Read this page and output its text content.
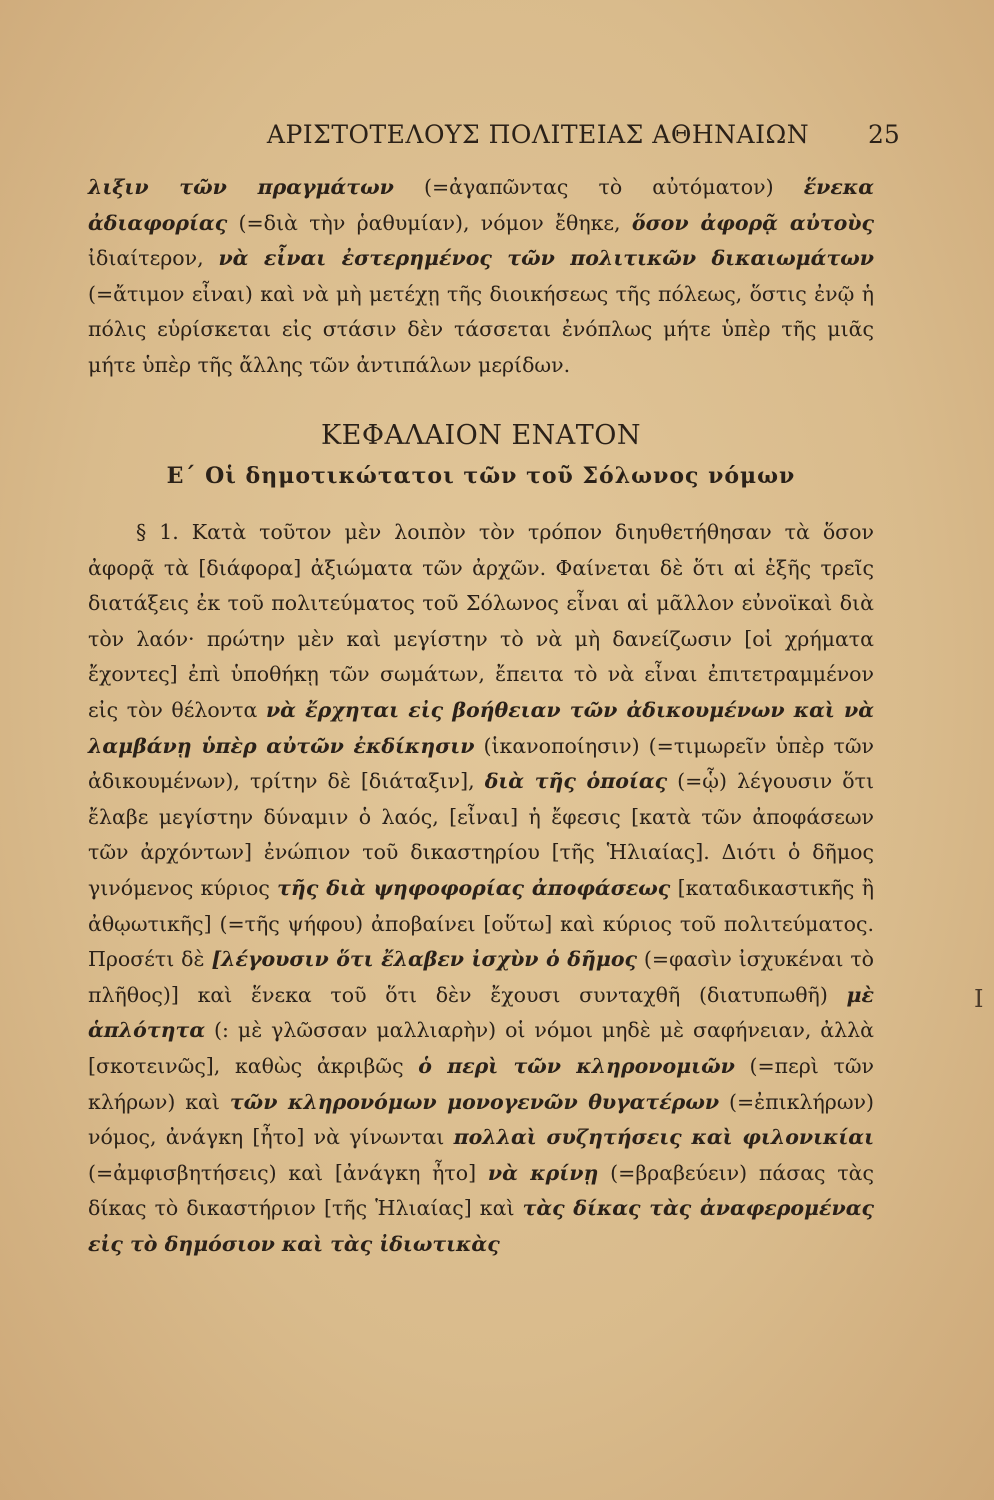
ΑΡΙΣΤΟΤΕΛΟΥΣ ΠΟΛΙΤΕΙΑΣ ΑΘΗΝΑΙΩΝ	25

λιξιν τῶν πραγμάτων (=ἀγαπῶντας τὸ αὐτόματον) ἕνεκα ἀδιαφορίας (=διὰ τὴν ῥαθυμίαν), νόμον ἔθηκε, ὅσον ἀφορᾷ αὐτοὺς ἰδιαίτερον, νὰ εἶναι ἐστερημένος τῶν πολιτικῶν δικαιωμάτων (=ἄτιμον εἶναι) καὶ νὰ μὴ μετέχῃ τῆς διοικήσεως τῆς πόλεως, ὅστις ἐνῷ ἡ πόλις εὑρίσκεται εἰς στάσιν δὲν τάσσεται ἐνόπλως μήτε ὑπὲρ τῆς μιᾶς μήτε ὑπὲρ τῆς ἄλλης τῶν ἀντιπάλων μερίδων.

ΚΕΦΑΛΑΙΟΝ ΕΝΑΤΟΝ
Ε΄ Οἱ δημοτικώτατοι τῶν τοῦ Σόλωνος νόμων

§ 1. Κατὰ τοῦτον μὲν λοιπὸν τὸν τρόπον διηυθετήθησαν τὰ ὅσον ἀφορᾷ τὰ [διάφορα] ἀξιώματα τῶν ἀρχῶν. Φαίνεται δὲ ὅτι αἱ ἑξῆς τρεῖς διατάξεις ἐκ τοῦ πολιτεύματος τοῦ Σόλωνος εἶναι αἱ μᾶλλον εὐνοϊκαὶ διὰ τὸν λαόν· πρώτην μὲν καὶ μεγίστην τὸ νὰ μὴ δανείζωσιν [οἱ χρήματα ἔχοντες] ἐπὶ ὑποθήκῃ τῶν σωμάτων, ἔπειτα τὸ νὰ εἶναι ἐπιτετραμμένον εἰς τὸν θέλοντα νὰ ἔρχηται εἰς βοήθειαν τῶν ἀδικουμένων καὶ νὰ λαμβάνῃ ὑπὲρ αὐτῶν ἐκδίκησιν (ἱκανοποίησιν) (=τιμωρεῖν ὑπὲρ τῶν ἀδικουμένων), τρίτην δὲ [διάταξιν], διὰ τῆς ὁποίας (=ᾧ) λέγουσιν ὅτι ἔλαβε μεγίστην δύναμιν ὁ λαός, [εἶναι] ἡ ἔφεσις [κατὰ τῶν ἀποφάσεων τῶν ἀρχόντων] ἐνώπιον τοῦ δικαστηρίου [τῆς Ἡλιαίας]. Διότι ὁ δῆμος γινόμενος κύριος τῆς διὰ ψηφοφορίας ἀποφάσεως [καταδικαστικῆς ἢ ἀθῳωτικῆς] (=τῆς ψήφου) ἀποβαίνει [οὕτω] καὶ κύριος τοῦ πολιτεύματος. Προσέτι δὲ [λέγουσιν ὅτι ἔλαβεν ἰσχὺν ὁ δῆμος (=φασὶν ἰσχυκέναι τὸ πλῆθος)] καὶ ἕνεκα τοῦ ὅτι δὲν ἔχουσι συνταχθῆ (διατυπωθῆ) μὲ ἁπλότητα (: μὲ γλῶσσαν μαλλιαρὴν) οἱ νόμοι μηδὲ μὲ σαφήνειαν, ἀλλὰ [σκοτεινῶς], καθὼς ἀκριβῶς ὁ περὶ τῶν κληρονομιῶν (=περὶ τῶν κλήρων) καὶ τῶν κληρονόμων μονογενῶν θυγατέρων (=ἐπικλήρων) νόμος, ἀνάγκη [ἦτο] νὰ γίνωνται πολλαὶ συζητήσεις καὶ φιλονικίαι (=ἀμφισβητήσεις) καὶ [ἀνάγκη ἦτο] νὰ κρίνῃ (=βραβεύειν) πάσας τὰς δίκας τὸ δικαστήριον [τῆς Ἡλιαίας] καὶ τὰς δίκας τὰς ἀναφερομένας εἰς τὸ δημόσιον καὶ τὰς ἰδιωτικὰς

I
